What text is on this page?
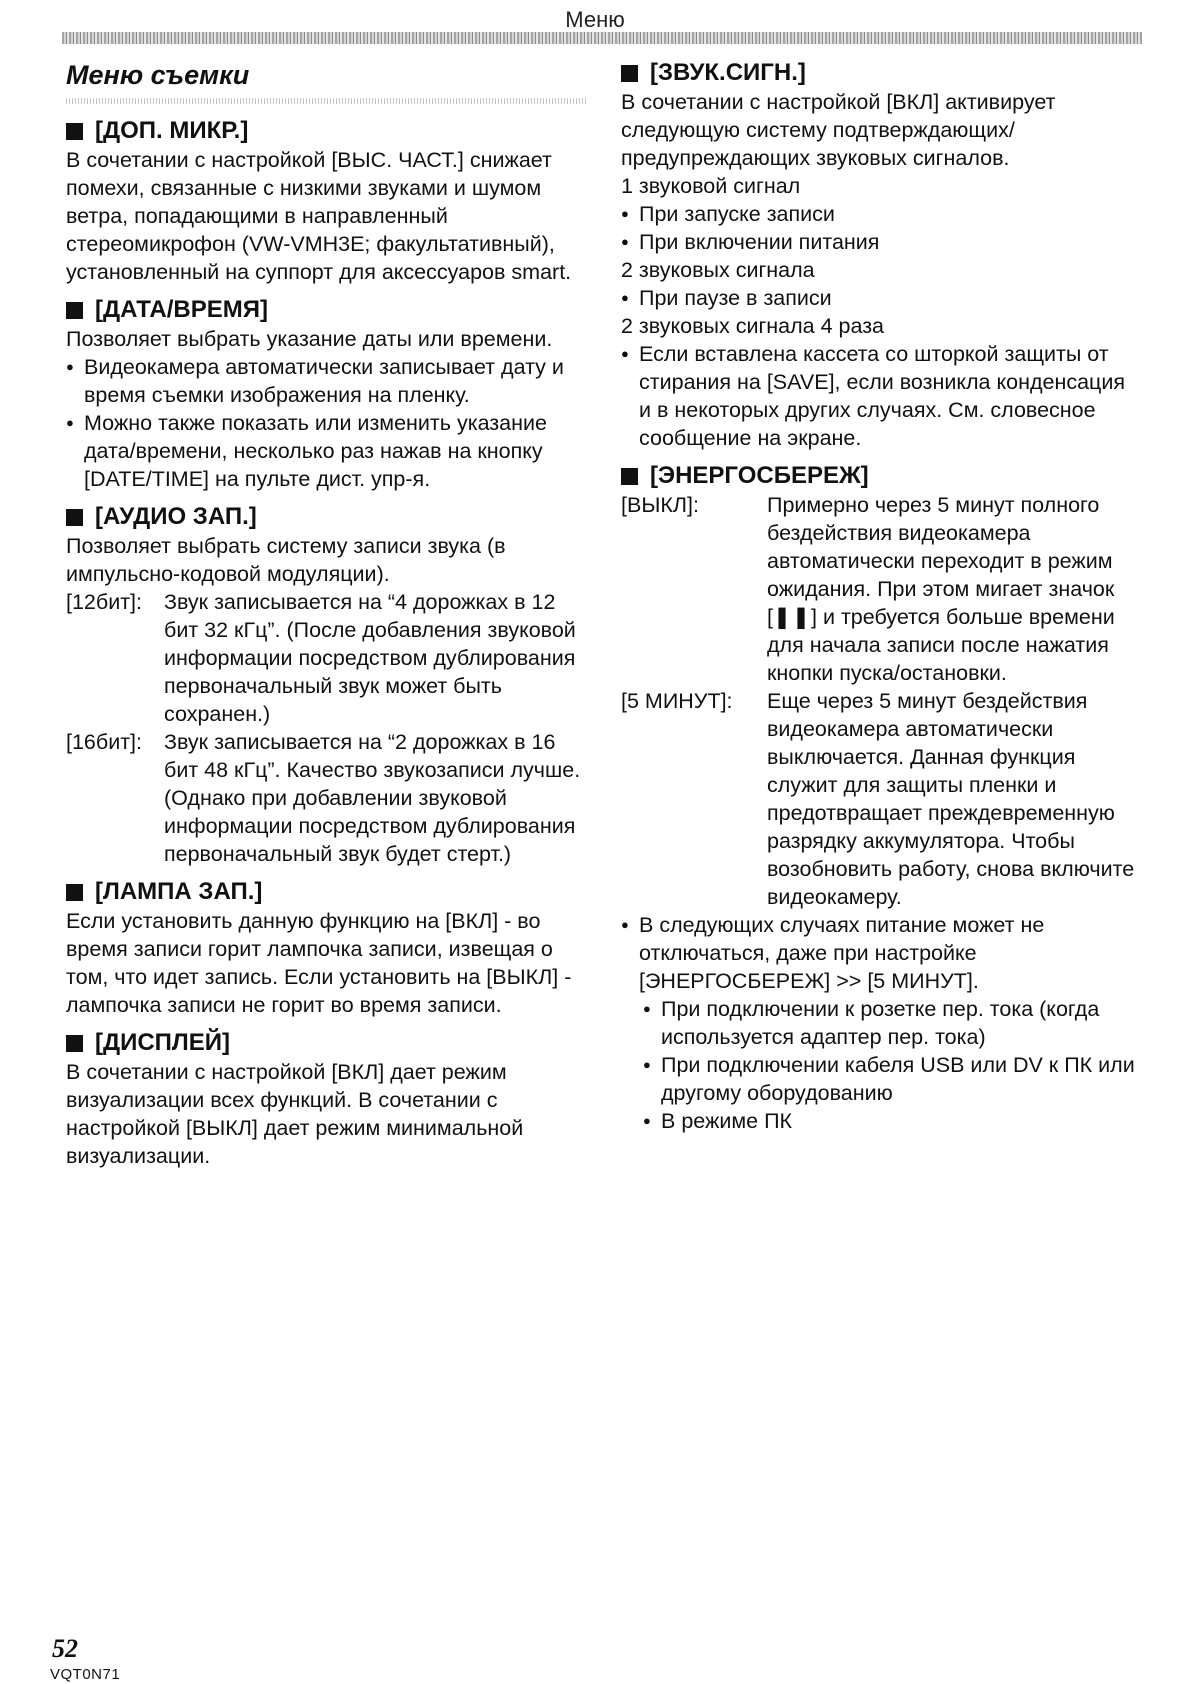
Меню
Меню съемки
[ДОП. МИКР.]

В сочетании с настройкой [ВЫС. ЧАСТ.] снижает помехи, связанные с низкими звуками и шумом ветра, попадающими в направленный стереомикрофон (VW-VMH3E; факультативный), установленный на суппорт для аксессуаров smart.

[ДАТА/ВРЕМЯ]

Позволяет выбрать указание даты или времени.

● Видеокамера автоматически записывает дату и время съемки изображения на пленку.

● Можно также показать или изменить указание дата/времени, несколько раз нажав на кнопку [DATE/TIME] на пульте дист. упр-я.

[АУДИО ЗАП.]

Позволяет выбрать систему записи звука (в импульсно-кодовой модуляции).

[12бит]:	Звук записывается на “4 дорожках в 12 бит 32 кГц”. (После добавления звуковой информации посредством дублирования первоначальный звук может быть сохранен.)
[16бит]:	Звук записывается на “2 дорожках в 16 бит 48 кГц”. Качество звукозаписи лучше. (Однако при добавлении звуковой информации посредством дублирования первоначальный звук будет стерт.)
[ЛАМПА ЗАП.]

Если установить данную функцию на [ВКЛ] - во время записи горит лампочка записи, извещая о том, что идет запись. Если установить на [ВЫКЛ] - лампочка записи не горит во время записи.

[ДИСПЛЕЙ]

В сочетании с настройкой [ВКЛ] дает режим визуализации всех функций. В сочетании с настройкой [ВЫКЛ] дает режим минимальной визуализации.

[ЗВУК.СИГН.]

В сочетании с настройкой [ВКЛ] активирует следующую систему подтверждающих/ предупреждающих звуковых сигналов.

1 звуковой сигнал

● При запуске записи

● При включении питания

2 звуковых сигнала

● При паузе в записи

2 звуковых сигнала 4 раза

● Если вставлена кассета со шторкой защиты от стирания на [SAVE], если возникла конденсация и в некоторых других случаях. См. словесное сообщение на экране.

[ЭНЕРГОСБЕРЕЖ]
[ВЫКЛ]:	Примерно через 5 минут полного бездействия видеокамера автоматически переходит в режим ожидания. При этом мигает значок [❚❚] и требуется больше времени для начала записи после нажатия кнопки пуска/остановки.
[5 МИНУТ]:	Еще через 5 минут бездействия видеокамера автоматически выключается. Данная функция служит для защиты пленки и предотвращает преждевременную разрядку аккумулятора. Чтобы возобновить работу, снова включите видеокамеру.

● В следующих случаях питание может не отключаться, даже при настройке [ЭНЕРГОСБЕРЕЖ] >> [5 МИНУТ].

● При подключении к розетке пер. тока (когда используется адаптер пер. тока)

● При подключении кабеля USB или DV к ПК или другому оборудованию

● В режиме ПК

52
VQT0N71
